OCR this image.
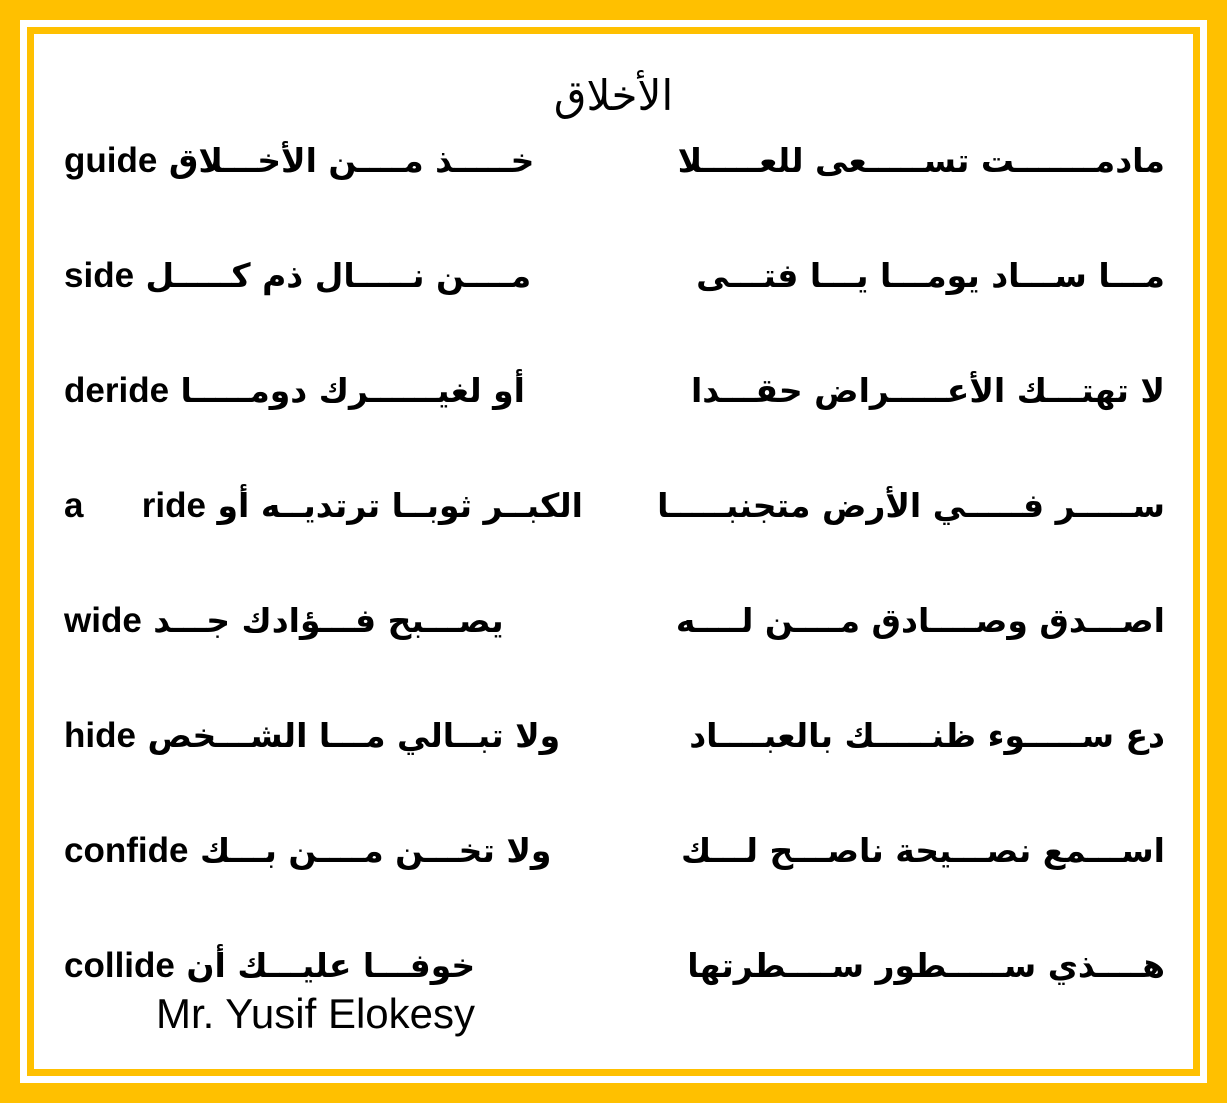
الأخلاق
مادمـــــــت تســـــعى للعـــــلا
guide خـــــذ مــــن الأخـــلاق
مـــا ســـاد يومـــا يـــا فتـــى
side مــــن نـــــال ذم كـــــل
لا تهتـــك الأعـــــراض حقـــدا
deride أو لغيــــــرك دومـــــا
ســـــر فـــــي الأرض متجنبـــــا
a      ride الكبــر ثوبــا ترتديــه أو
اصـــدق وصــــادق مــــن لــــه
wide يصـــبح فـــؤادك جـــد
دع ســـــوء ظنـــــك بالعبــــاد
hide ولا تبــالي مـــا الشـــخص
اســـمع نصـــيحة ناصـــح لـــك
confide ولا تخـــن مــــن بـــك
هــــذي ســـــطور ســــطرتها
collide خوفـــا عليـــك أن
Mr. Yusif Elokesy
